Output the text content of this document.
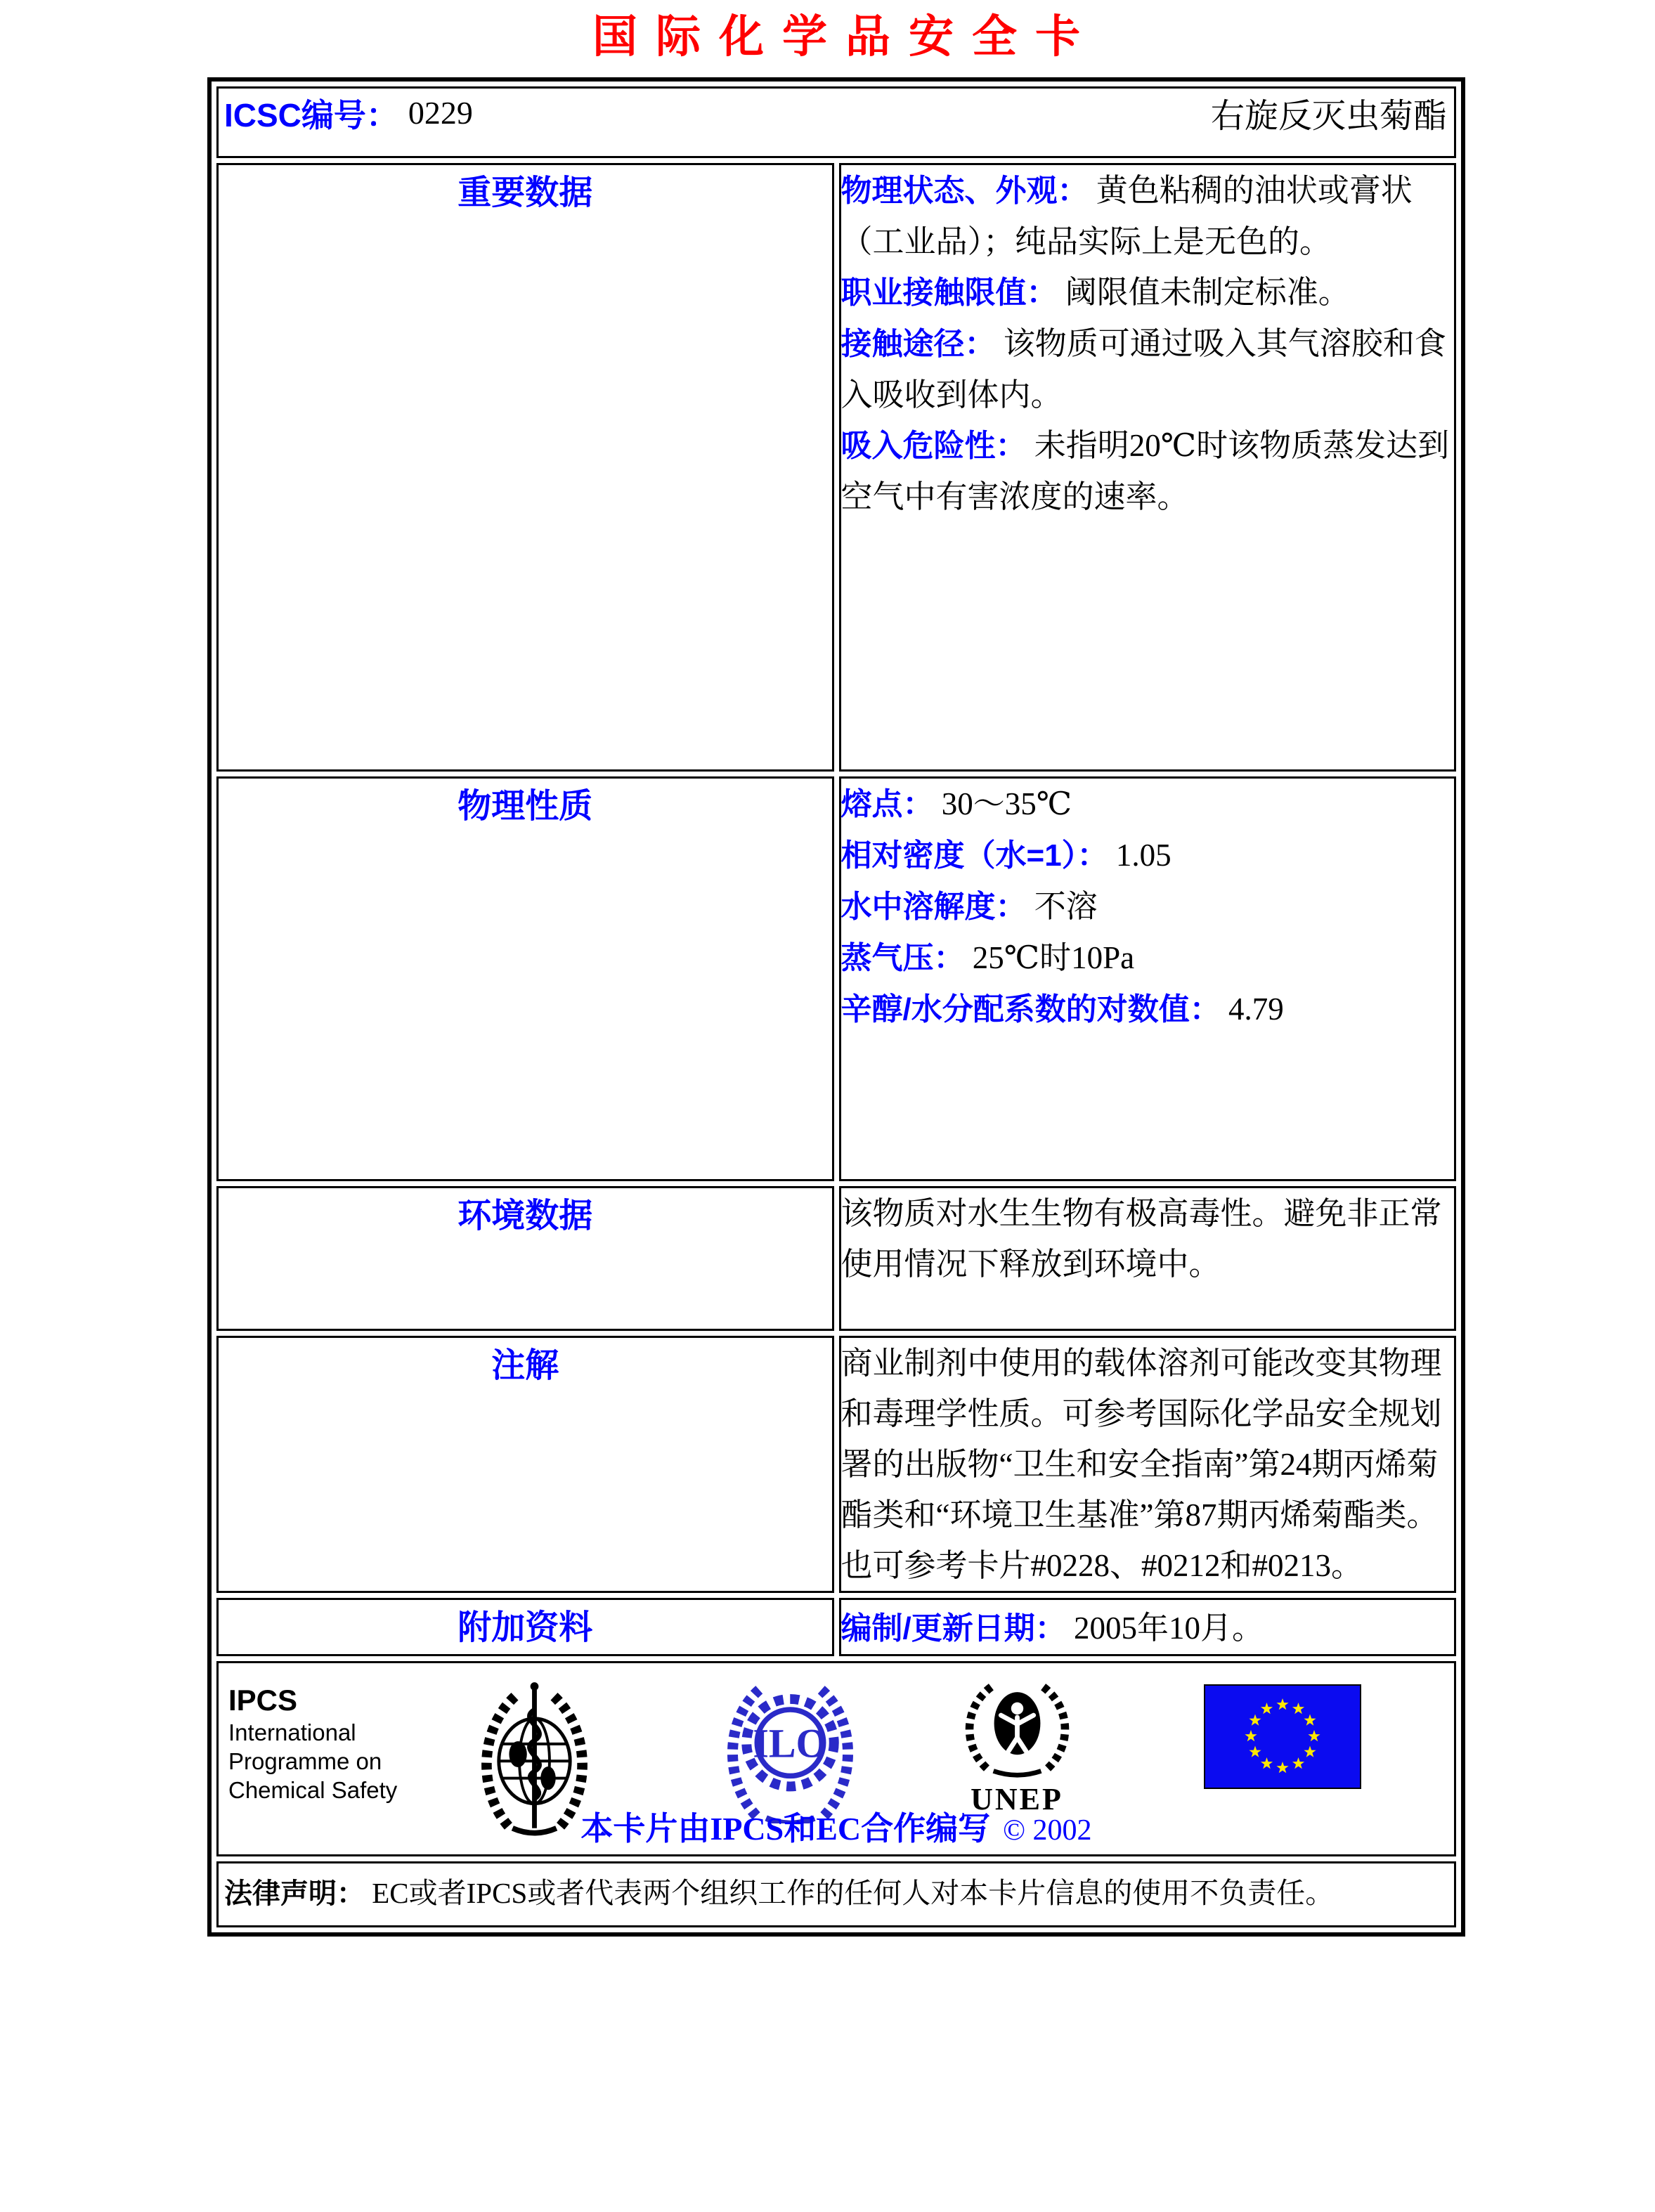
国际化学品安全卡
ICSC编号： 0229 右旋反灭虫菊酯	

重要数据	物理状态、外观： 黄色粘稠的油状或膏状（工业品）；纯品实际上是无色的。
职业接触限值： 阈限值未制定标准。
接触途径： 该物质可通过吸入其气溶胶和食入吸收到体内。
吸入危险性： 未指明20℃时该物质蒸发达到空气中有害浓度的速率。

物理性质	熔点： 30～35℃
相对密度（水=1）： 1.05
水中溶解度： 不溶
蒸气压： 25℃时10Pa
辛醇/水分配系数的对数值： 4.79

环境数据	该物质对水生生物有极高毒性。避免非正常使用情况下释放到环境中。

注解	商业制剂中使用的载体溶剂可能改变其物理和毒理学性质。可参考国际化学品安全规划署的出版物“卫生和安全指南”第24期丙烯菊酯类和“环境卫生基准”第87期丙烯菊酯类。也可参考卡片#0228、#0212和#0213。

附加资料	编制/更新日期： 2005年10月。

IPCS
International
Programme on
Chemical Safety
ILO
UNEP
本卡片由IPCS和EC合作编写 © 2002

法律声明： EC或者IPCS或者代表两个组织工作的任何人对本卡片信息的使用不负责任。	
